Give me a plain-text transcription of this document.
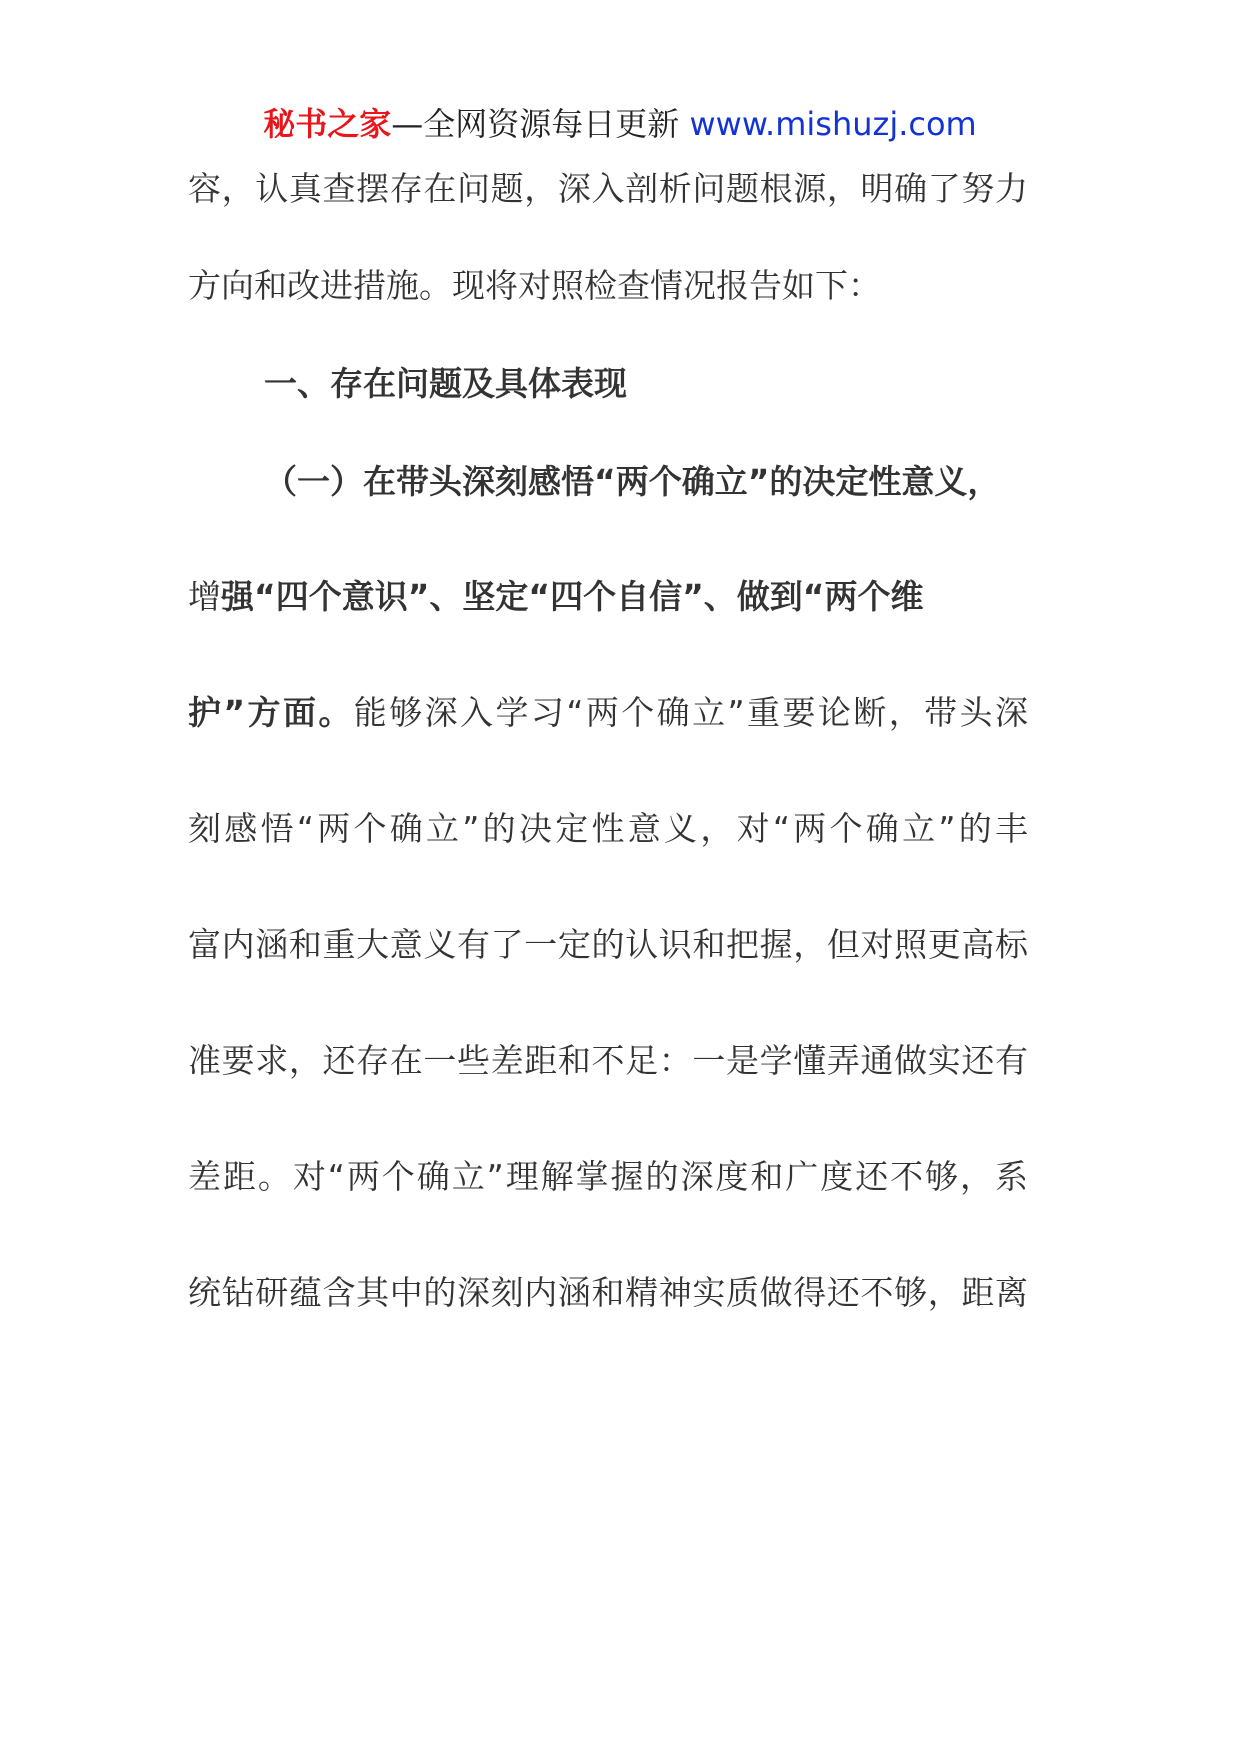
秘书之家—全网资源每日更新 www.mishuzj.com
容，认真查摆存在问题，深入剖析问题根源，明确了努力
方向和改进措施。现将对照检查情况报告如下：
一、存在问题及具体表现
（一）在带头深刻感悟“两个确立”的决定性意义，
增强“四个意识”、坚定“四个自信”、做到“两个维
护”方面。能够深入学习“两个确立”重要论断，带头深
刻感悟“两个确立”的决定性意义，对“两个确立”的丰
富内涵和重大意义有了一定的认识和把握，但对照更高标
准要求，还存在一些差距和不足：一是学懂弄通做实还有
差距。对“两个确立”理解掌握的深度和广度还不够，系
统钻研蕴含其中的深刻内涵和精神实质做得还不够，距离
